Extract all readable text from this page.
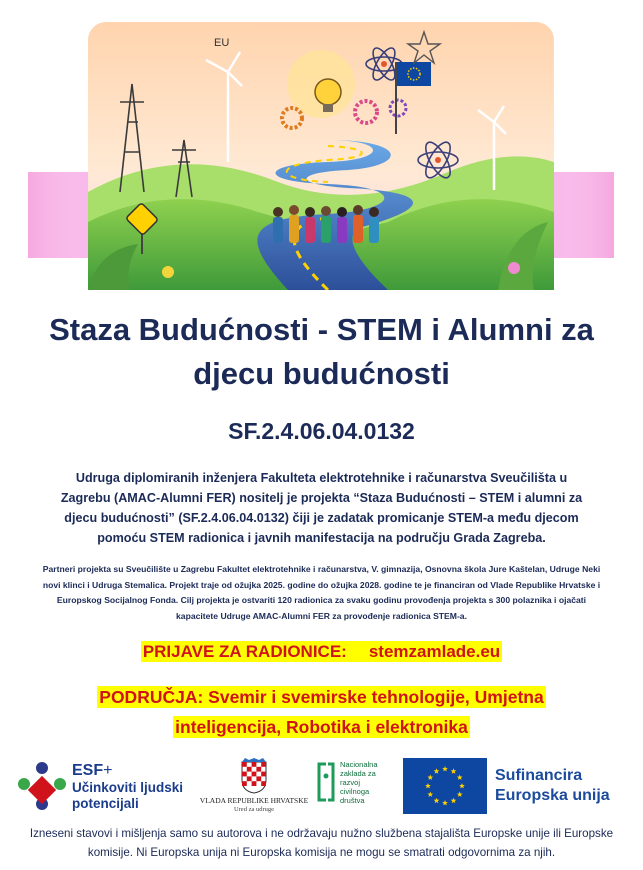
EU
Staza Budućnosti - STEM i Alumni za
djecu budućnosti
SF.2.4.06.04.0132
Udruga diplomiranih inženjera Fakulteta elektrotehnike i računarstva Sveučilišta u Zagrebu (AMAC-Alumni FER) nositelj je projekta “Staza Budućnosti – STEM i alumni za djecu budućnosti” (SF.2.4.06.04.0132) čiji je zadatak promicanje STEM-a među djecom pomoću STEM radionica i javnih manifestacija na području Grada Zagreba.
Partneri projekta su Sveučilište u Zagrebu Fakultet elektrotehnike i računarstva, V. gimnazija, Osnovna škola Jure Kaštelan, Udruge Neki novi klinci i Udruga Stemalica. Projekt traje od ožujka 2025. godine do ožujka 2028. godine te je financiran od Vlade Republike Hrvatske i Europskog Socijalnog Fonda. Cilj projekta je ostvariti 120 radionica za svaku godinu provođenja projekta s 300 polaznika i ojačati kapacitete Udruge AMAC-Alumni FER za provođenje radionica STEM-a.
PRIJAVE ZA RADIONICE: stemzamlade.eu
PODRUČJA: Svemir i svemirske tehnologije, Umjetna
inteligencija, Robotika i elektronika
ESF+
Učinkoviti ljudski
potencijali	VLADA REPUBLIKE HRVATSKE
Ured za udruge
Nacionalna
zaklada za
razvoj
civilnoga
društva
Sufinancira
Europska unija
Izneseni stavovi i mišljenja samo su autorova i ne održavaju nužno službena stajališta Europske unije ili Europske komisije. Ni Europska unija ni Europska komisija ne mogu se smatrati odgovornima za njih.
